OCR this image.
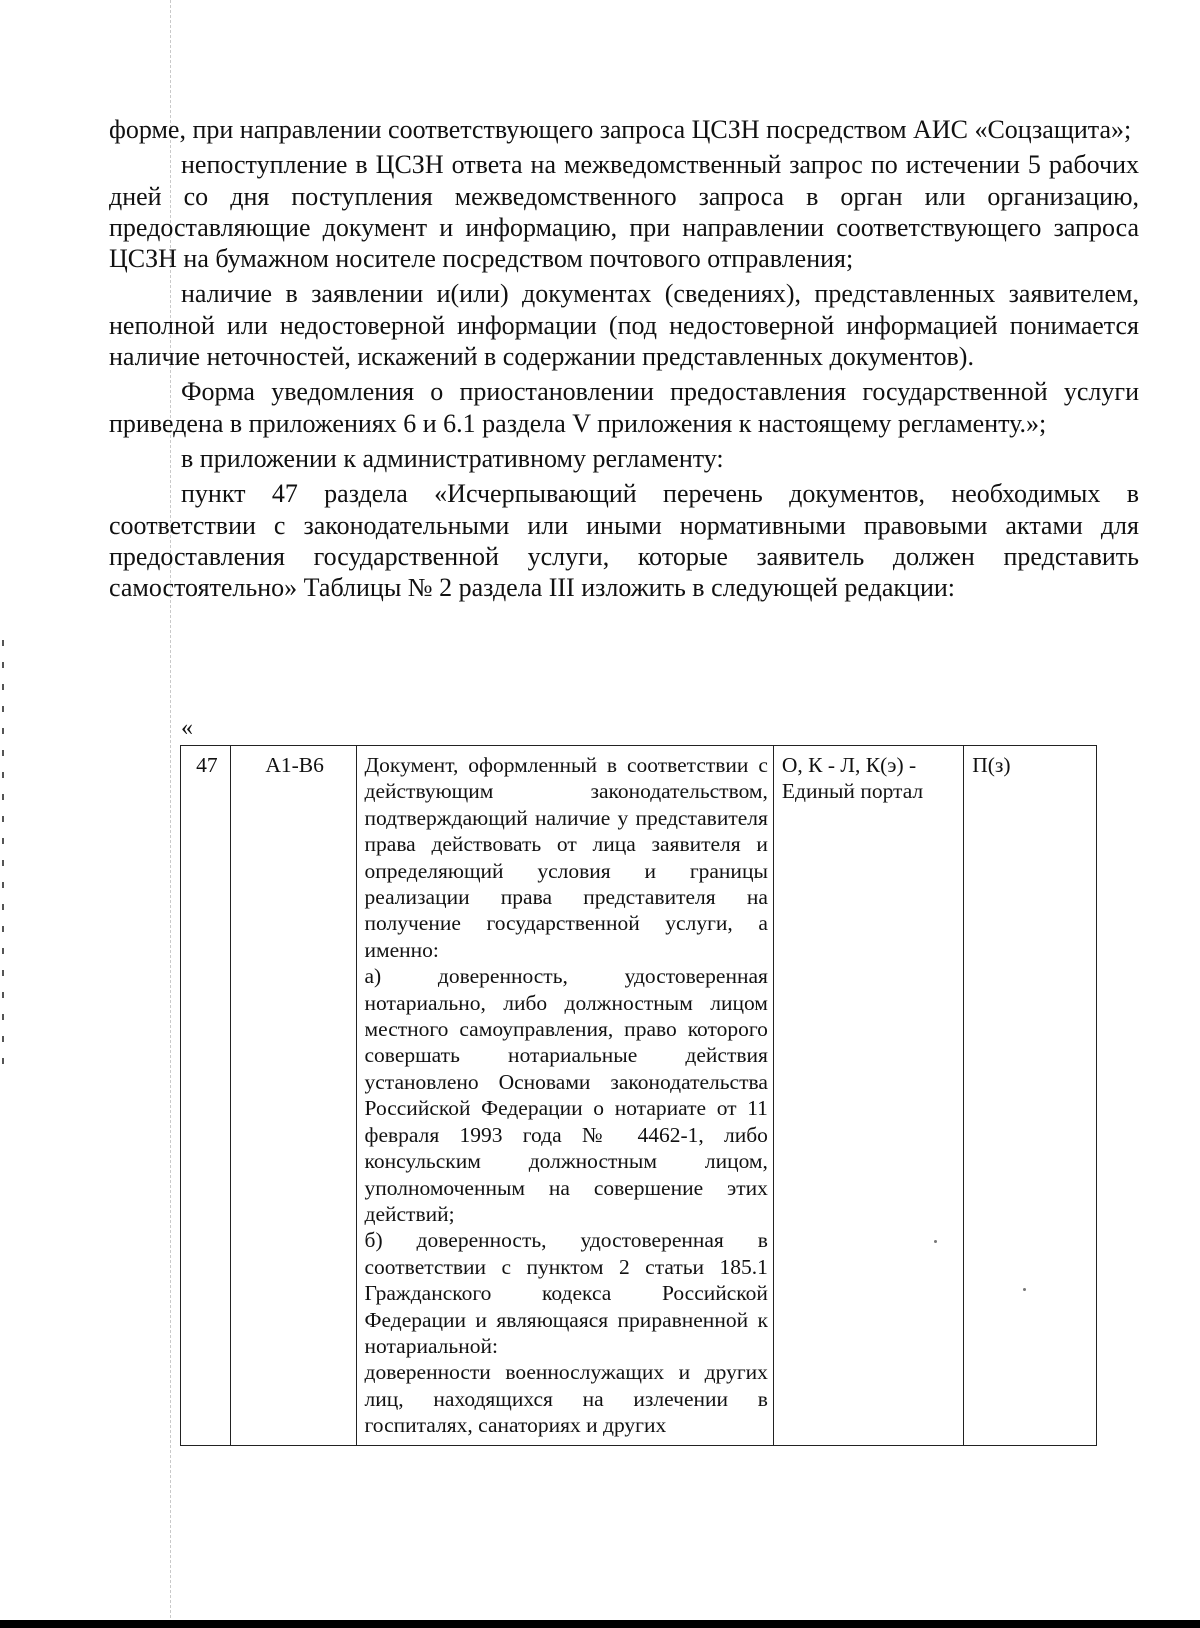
форме, при направлении соответствующего запроса ЦСЗН посредством АИС «Соцзащита»;

непоступление в ЦСЗН ответа на межведомственный запрос по истечении 5 рабочих дней со дня поступления межведомственного запроса в орган или организацию, предоставляющие документ и информацию, при направлении соответствующего запроса ЦСЗН на бумажном носителе посредством почтового отправления;

наличие в заявлении и(или) документах (сведениях), представленных заявителем, неполной или недостоверной информации (под недостоверной информацией понимается наличие неточностей, искажений в содержании представленных документов).

Форма уведомления о приостановлении предоставления государственной услуги приведена в приложениях 6 и 6.1 раздела V приложения к настоящему регламенту.»;

в приложении к административному регламенту:

пункт 47 раздела «Исчерпывающий перечень документов, необходимых в соответствии с законодательными или иными нормативными правовыми актами для предоставления государственной услуги, которые заявитель должен представить самостоятельно» Таблицы № 2 раздела III изложить в следующей редакции:

«
47	А1-В6	Документ, оформленный в соответствии с действующим законодательством, подтверждающий наличие у представителя права действовать от лица заявителя и определяющий условия и границы реализации права представителя на получение государственной услуги, а именно:
а) доверенность, удостоверенная нотариально, либо должностным лицом местного самоуправления, право которого совершать нотариальные действия установлено Основами законодательства Российской Федерации о нотариате от 11 февраля 1993 года № 4462-1, либо консульским должностным лицом, уполномоченным на совершение этих действий;
б) доверенность, удостоверенная в соответствии с пунктом 2 статьи 185.1 Гражданского кодекса Российской Федерации и являющаяся приравненной к нотариальной:
доверенности военнослужащих и других лиц, находящихся на излечении в госпиталях, санаториях и других
	О, К - Л, К(э) - Единый портал	П(з)
